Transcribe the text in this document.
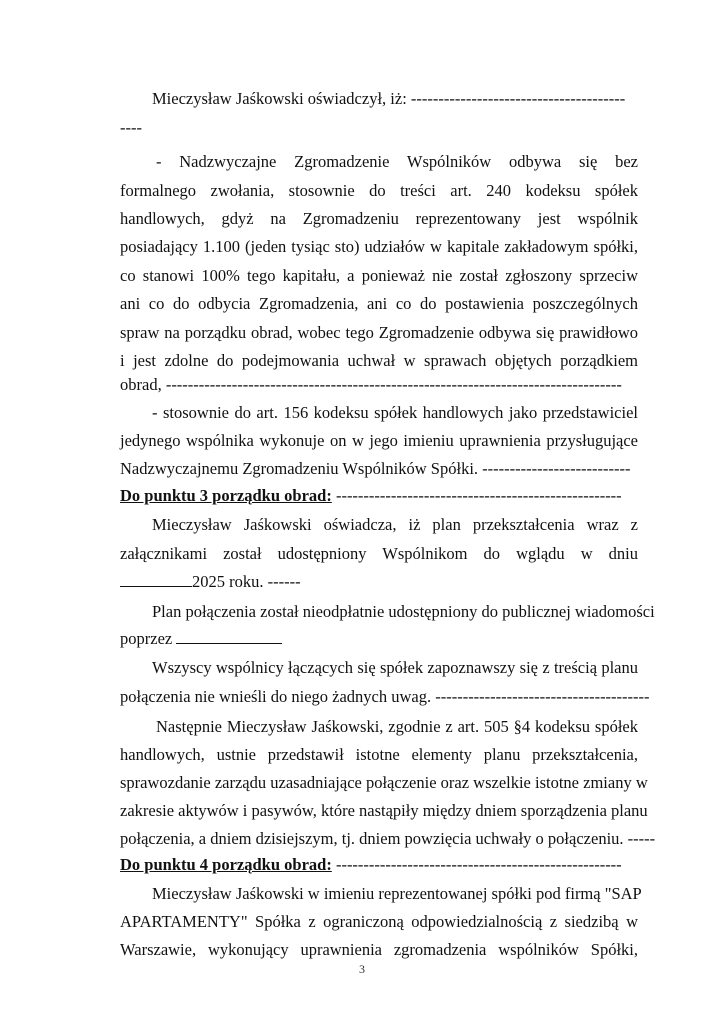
Mieczysław Jaśkowski oświadczył, iż: ---------------------------------------
----
- Nadzwyczajne Zgromadzenie Wspólników odbywa się bez
formalnego zwołania, stosownie do treści art. 240 kodeksu spółek
handlowych, gdyż na Zgromadzeniu reprezentowany jest wspólnik
posiadający 1.100 (jeden tysiąc sto) udziałów w kapitale zakładowym spółki,
co stanowi 100% tego kapitału, a ponieważ nie został zgłoszony sprzeciw
ani co do odbycia Zgromadzenia, ani co do postawienia poszczególnych
spraw na porządku obrad, wobec tego Zgromadzenie odbywa się prawidłowo
i jest zdolne do podejmowania uchwał w sprawach objętych porządkiem
obrad, -----------------------------------------------------------------------------------
- stosownie do art. 156 kodeksu spółek handlowych jako przedstawiciel
jedynego wspólnika wykonuje on w jego imieniu uprawnienia przysługujące
Nadzwyczajnemu Zgromadzeniu Wspólników Spółki. ---------------------------
Do punktu 3 porządku obrad: ----------------------------------------------------
Mieczysław Jaśkowski oświadcza, iż plan przekształcenia wraz z
załącznikami został udostępniony Wspólnikom do wglądu w dniu
2025 roku. ------
Plan połączenia został nieodpłatnie udostępniony do publicznej wiadomości
poprzez
Wszyscy wspólnicy łączących się spółek zapoznawszy się z treścią planu
połączenia nie wnieśli do niego żadnych uwag. ---------------------------------------
Następnie Mieczysław Jaśkowski, zgodnie z art. 505 §4 kodeksu spółek
handlowych, ustnie przedstawił istotne elementy planu przekształcenia,
sprawozdanie zarządu uzasadniające połączenie oraz wszelkie istotne zmiany w
zakresie aktywów i pasywów, które nastąpiły między dniem sporządzenia planu
połączenia, a dniem dzisiejszym, tj. dniem powzięcia uchwały o połączeniu. -----
Do punktu 4 porządku obrad: ----------------------------------------------------
Mieczysław Jaśkowski w imieniu reprezentowanej spółki pod firmą "SAP
APARTAMENTY" Spółka z ograniczoną odpowiedzialnością z siedzibą w
Warszawie, wykonujący uprawnienia zgromadzenia wspólników Spółki,
3
